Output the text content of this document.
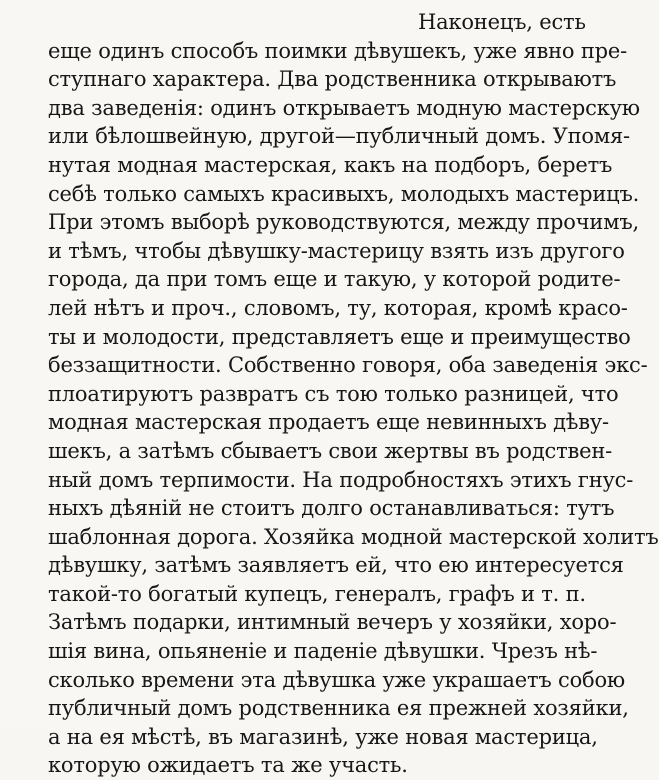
Наконецъ, есть
еще одинъ способъ поимки дѣвушекъ, уже явно пре-
ступнаго характера. Два родственника открываютъ
два заведенія: одинъ открываетъ модную мастерскую
или бѣлошвейную, другой—публичный домъ. Упомя-
нутая модная мастерская, какъ на подборъ, беретъ
себѣ только самыхъ красивыхъ, молодыхъ мастерицъ.
При этомъ выборѣ руководствуются, между прочимъ,
и тѣмъ, чтобы дѣвушку-мастерицу взять изъ другого
города, да при томъ еще и такую, у которой родите-
лей нѣтъ и проч., словомъ, ту, которая, кромѣ красо-
ты и молодости, представляетъ еще и преимущество
беззащитности. Собственно говоря, оба заведенія экс-
плоатируютъ развратъ съ тою только разницей, что
модная мастерская продаетъ еще невинныхъ дѣву-
шекъ, а затѣмъ сбываетъ свои жертвы въ родствен-
ный домъ терпимости. На подробностяхъ этихъ гнус-
ныхъ дѣяній не стоитъ долго останавливаться: тутъ
шаблонная дорога. Хозяйка модной мастерской холитъ
дѣвушку, затѣмъ заявляетъ ей, что ею интересуется
такой-то богатый купецъ, генералъ, графъ и т. п.
Затѣмъ подарки, интимный вечеръ у хозяйки, хоро-
шія вина, опьяненіе и паденіе дѣвушки. Чрезъ нѣ-
сколько времени эта дѣвушка уже украшаетъ собою
публичный домъ родственника ея прежней хозяйки,
а на ея мѣстѣ, въ магазинѣ, уже новая мастерица,
которую ожидаетъ та же участь.
